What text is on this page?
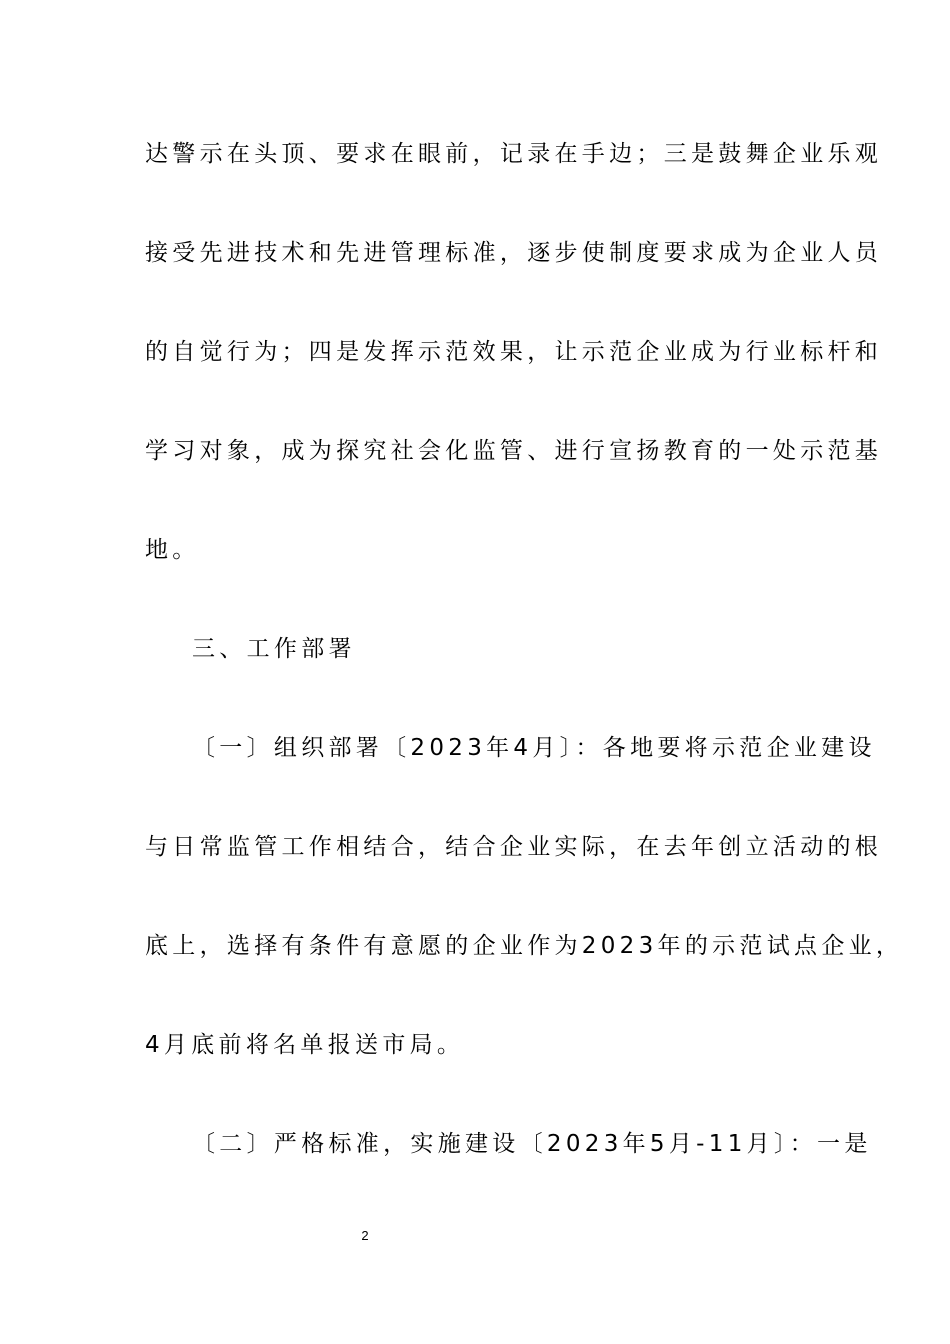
达警示在头顶、要求在眼前，记录在手边；三是鼓舞企业乐观
接受先进技术和先进管理标准，逐步使制度要求成为企业人员
的自觉行为；四是发挥示范效果，让示范企业成为行业标杆和
学习对象，成为探究社会化监管、进行宣扬教育的一处示范基
地。
三、工作部署
〔一〕组织部署〔2023年4月〕：各地要将示范企业建设
与日常监管工作相结合，结合企业实际，在去年创立活动的根
底上，选择有条件有意愿的企业作为2023年的示范试点企业，
4月底前将名单报送市局。
〔二〕严格标准，实施建设〔2023年5月-11月〕：一是
2
